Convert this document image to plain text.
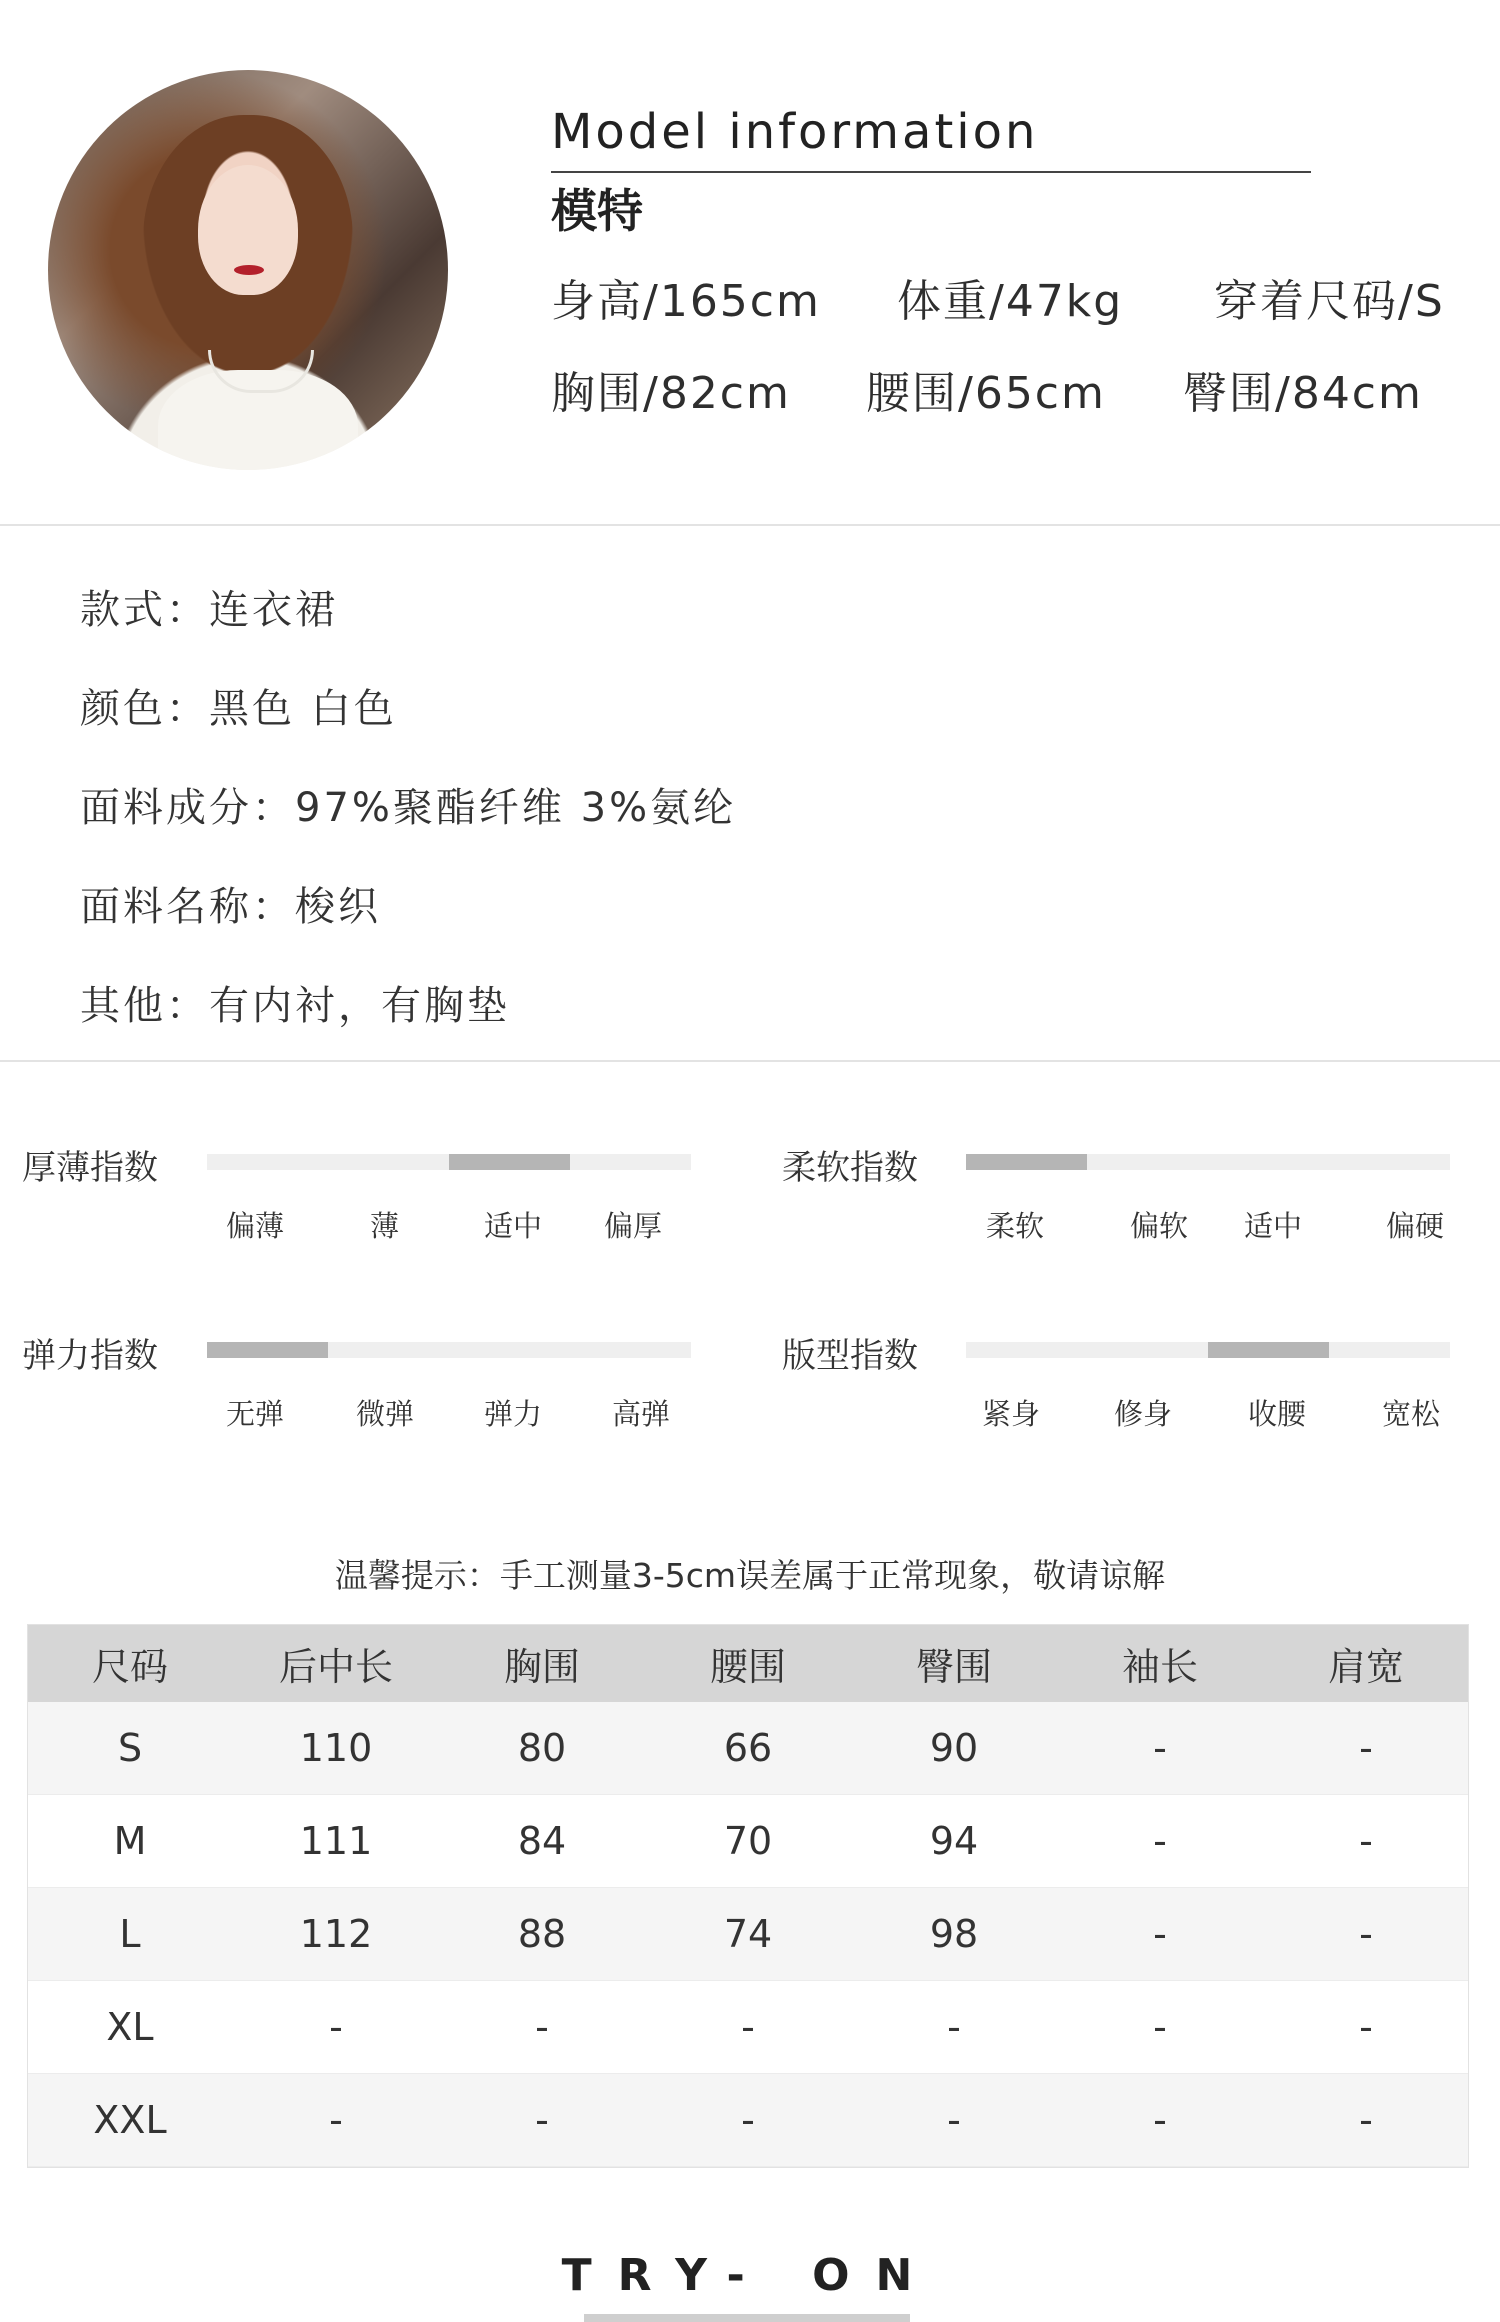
Model information
模特
身高/165cm 体重/47kg 穿着尺码/S
胸围/82cm 腰围/65cm 臀围/84cm
款式：连衣裙
颜色：黑色 白色
面料成分：97%聚酯纤维 3%氨纶
面料名称：梭织
其他：有内衬，有胸垫
厚薄指数
偏薄	薄	适中 偏厚
柔软指数
柔软	偏软 适中	偏硬
弹力指数
无弹 微弹 弹力 高弹
版型指数
紧身	修身	收腰	宽松
温馨提示：手工测量3-5cm误差属于正常现象，敬请谅解
尺码	后中长	胸围	腰围	臀围	袖长	肩宽
S	110	80	66	90	-	-
M	111	84	70	94	-	-
L	112	88	74	98	-	-
XL	-	-	-	-	-	-
XXL	-	-	-	-	-	-
TRY- ON
